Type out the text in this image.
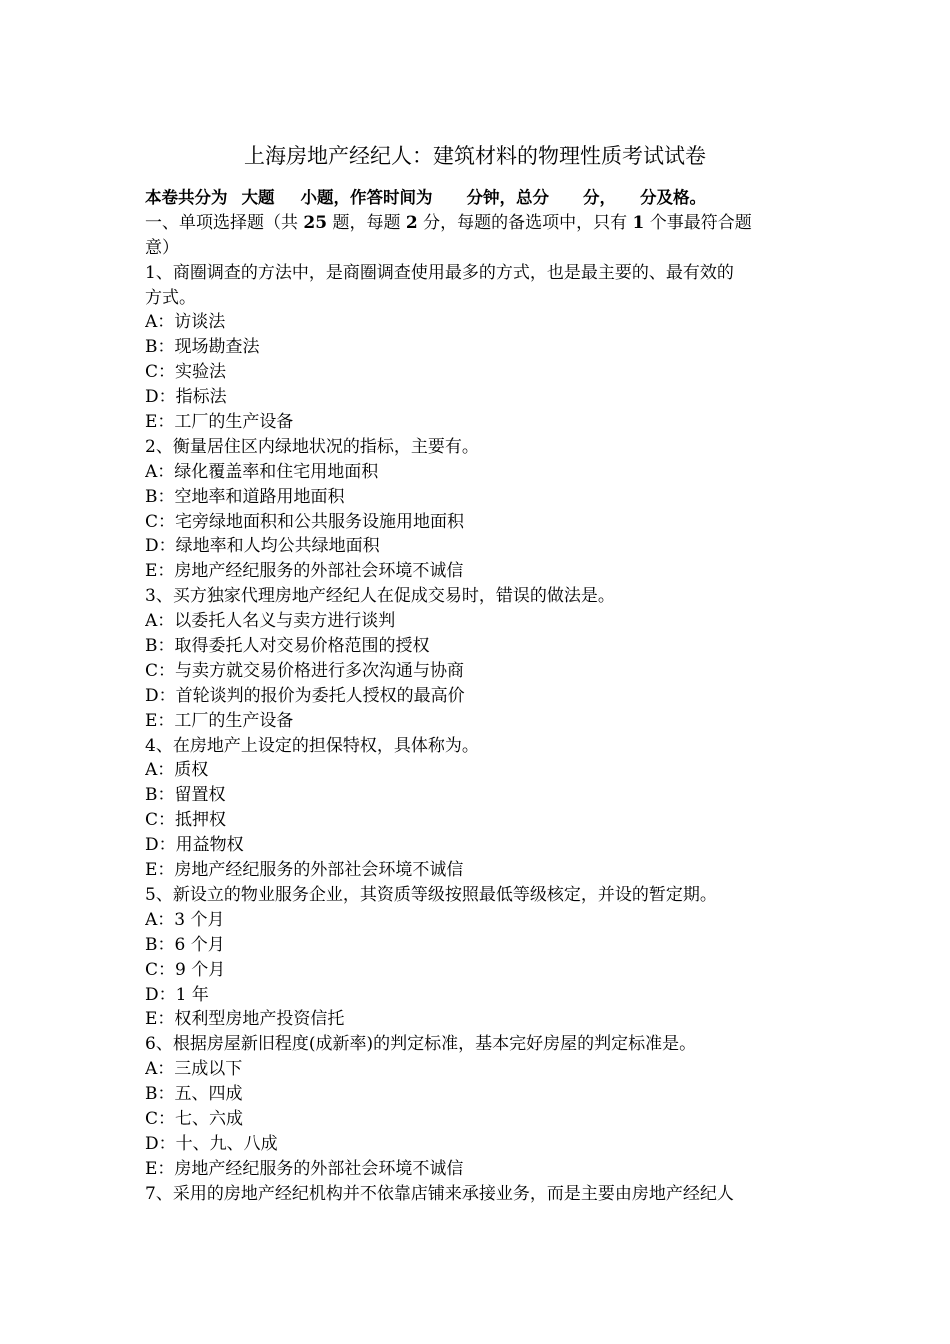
上海房地产经纪人：建筑材料的物理性质考试试卷
本卷共分为 大题 小题，作答时间为 分钟，总分 分， 分及格。
一、单项选择题（共 25 题，每题 2 分，每题的备选项中，只有 1 个事最符合题
意）
1、商圈调查的方法中，是商圈调查使用最多的方式，也是最主要的、最有效的
方式。
A：访谈法
B：现场勘查法
C：实验法
D：指标法
E：工厂的生产设备
2、衡量居住区内绿地状况的指标，主要有。
A：绿化覆盖率和住宅用地面积
B：空地率和道路用地面积
C：宅旁绿地面积和公共服务设施用地面积
D：绿地率和人均公共绿地面积
E：房地产经纪服务的外部社会环境不诚信
3、买方独家代理房地产经纪人在促成交易时，错误的做法是。
A：以委托人名义与卖方进行谈判
B：取得委托人对交易价格范围的授权
C：与卖方就交易价格进行多次沟通与协商
D：首轮谈判的报价为委托人授权的最高价
E：工厂的生产设备
4、在房地产上设定的担保特权，具体称为。
A：质权
B：留置权
C：抵押权
D：用益物权
E：房地产经纪服务的外部社会环境不诚信
5、新设立的物业服务企业，其资质等级按照最低等级核定，并设的暂定期。
A：3 个月
B：6 个月
C：9 个月
D：1 年
E：权利型房地产投资信托
6、根据房屋新旧程度(成新率)的判定标准，基本完好房屋的判定标准是。
A：三成以下
B：五、四成
C：七、六成
D：十、九、八成
E：房地产经纪服务的外部社会环境不诚信
7、采用的房地产经纪机构并不依靠店铺来承接业务，而是主要由房地产经纪人
